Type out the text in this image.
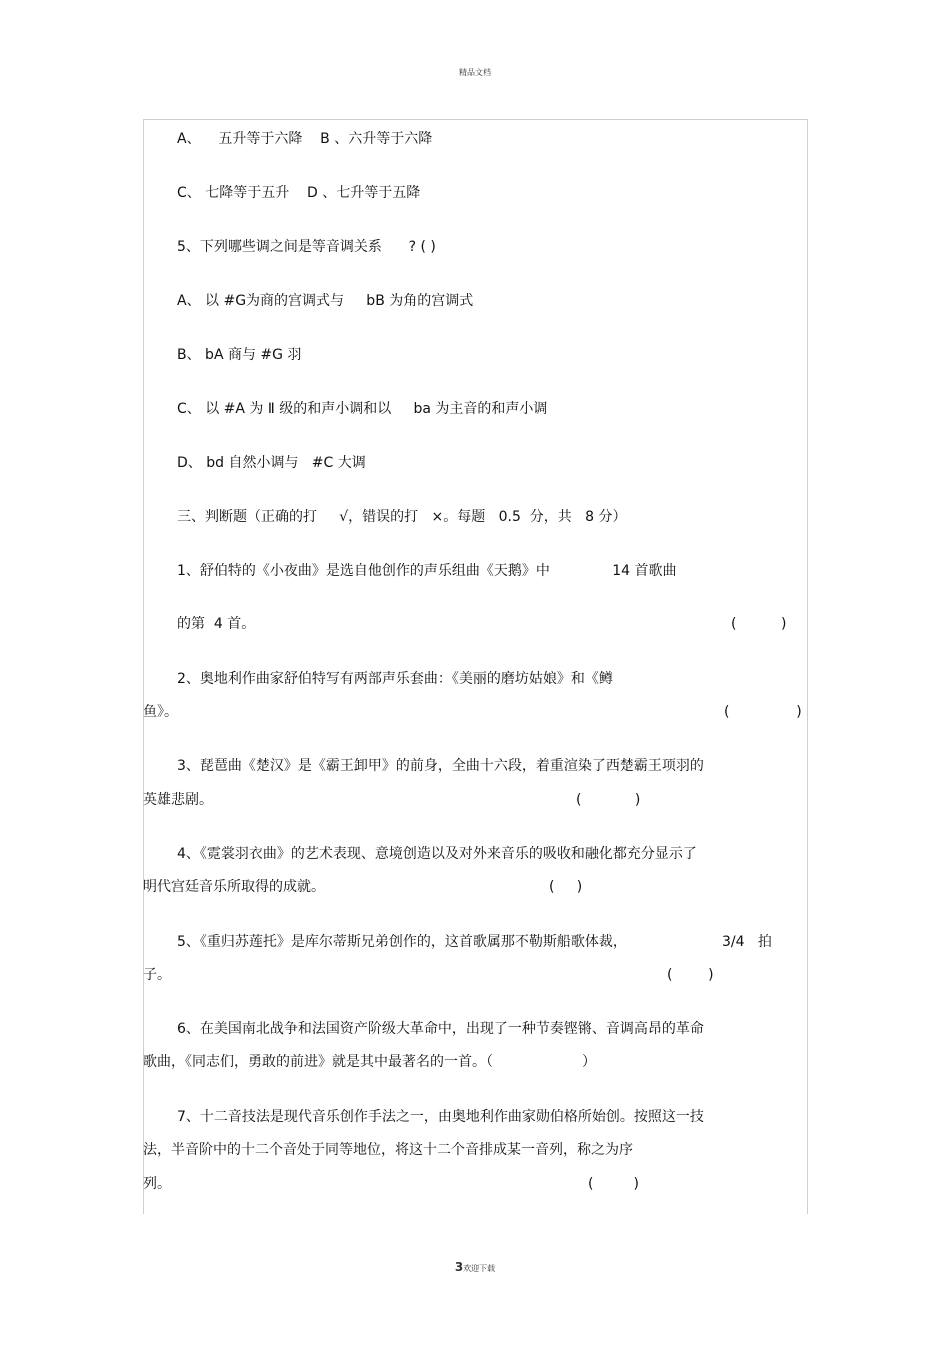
精品文档
A、    五升等于六降    B 、六升等于六降
C、 七降等于五升    D 、七升等于五降
5、下列哪些调之间是等音调关系      ? ( )
A、 以 #G为商的宫调式与     bB 为角的宫调式
B、 bA 商与 #G 羽
C、 以 #A 为 Ⅱ 级的和声小调和以     ba 为主音的和声小调
D、 bd 自然小调与   #C 大调
三、判断题（正确的打     √，错误的打   ×。每题   0.5  分，共   8 分）
1、舒伯特的《小夜曲》是选自他创作的声乐组曲《天鹅》中              14 首歌曲
的第  4 首。	(          )
2、奥地利作曲家舒伯特写有两部声乐套曲：《美丽的磨坊姑娘》和《鳟
鱼》。	(               )
3、琵琶曲《楚汉》是《霸王卸甲》的前身，全曲十六段，着重渲染了西楚霸王项羽的
英雄悲剧。	(            )
4、《霓裳羽衣曲》的艺术表现、意境创造以及对外来音乐的吸收和融化都充分显示了
明代宫廷音乐所取得的成就。	(     )
5、《重归苏莲托》是库尔蒂斯兄弟创作的，这首歌属那不勒斯船歌体裁，	3/4   拍
子。	(        )
6、在美国南北战争和法国资产阶级大革命中，出现了一种节奏铿锵、音调高昂的革命
歌曲，《同志们，勇敢的前进》就是其中最著名的一首。（                    ）
7、十二音技法是现代音乐创作手法之一，由奥地利作曲家勋伯格所始创。按照这一技
法，半音阶中的十二个音处于同等地位，将这十二个音排成某一音列，称之为序
列。	(         )
3欢迎下载
